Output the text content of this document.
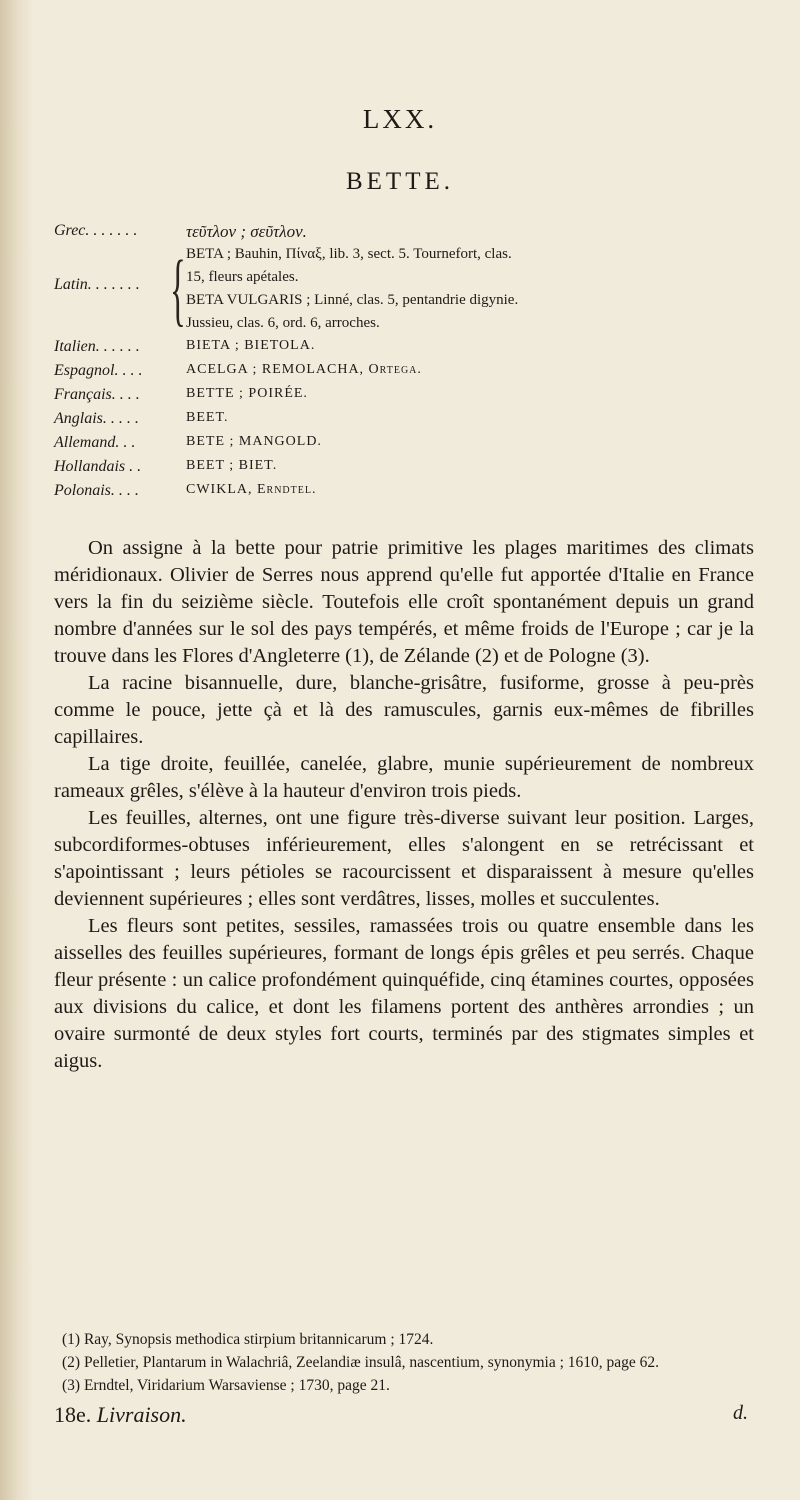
LXX.
BETTE.
Grec. . . . . . .	τεῦτλον ; σεῦτλον.
Latin. . . . . . . { BETA ; Bauhin, Πίναξ, lib. 3, sect. 5. Tournefort, clas.
15, fleurs apétales.
BETA VULGARIS ; Linné, clas. 5, pentandrie digynie.
Jussieu, clas. 6, ord. 6, arroches.
Italien. . . . . .	BIETA ; BIETOLA.
Espagnol. . . .	ACELGA ; REMOLACHA, Ortega.
Français. . . .	BETTE ; POIRÉE.
Anglais. . . . .	BEET.
Allemand. . .	BETE ; MANGOLD.
Hollandais . .	BEET ; BIET.
Polonais. . . .	CWIKLA, Erndtel.

On assigne à la bette pour patrie primitive les plages maritimes des climats méridionaux. Olivier de Serres nous apprend qu'elle fut apportée d'Italie en France vers la fin du seizième siècle. Toutefois elle croît spontanément depuis un grand nombre d'années sur le sol des pays tempérés, et même froids de l'Europe ; car je la trouve dans les Flores d'Angleterre (1), de Zélande (2) et de Pologne (3).

La racine bisannuelle, dure, blanche-grisâtre, fusiforme, grosse à peu-près comme le pouce, jette çà et là des ramuscules, garnis eux-mêmes de fibrilles capillaires.

La tige droite, feuillée, canelée, glabre, munie supérieurement de nombreux rameaux grêles, s'élève à la hauteur d'environ trois pieds.

Les feuilles, alternes, ont une figure très-diverse suivant leur position. Larges, subcordiformes-obtuses inférieurement, elles s'alongent en se retrécissant et s'apointissant ; leurs pétioles se racourcissent et disparaissent à mesure qu'elles deviennent supérieures ; elles sont verdâtres, lisses, molles et succulentes.

Les fleurs sont petites, sessiles, ramassées trois ou quatre ensemble dans les aisselles des feuilles supérieures, formant de longs épis grêles et peu serrés. Chaque fleur présente : un calice profondément quinquéfide, cinq étamines courtes, opposées aux divisions du calice, et dont les filamens portent des anthères arrondies ; un ovaire surmonté de deux styles fort courts, terminés par des stigmates simples et aigus.

(1) Ray, Synopsis methodica stirpium britannicarum ; 1724.

(2) Pelletier, Plantarum in Walachriâ, Zeelandiæ insulâ, nascentium, synonymia ; 1610, page 62.

(3) Erndtel, Viridarium Warsaviense ; 1730, page 21.

18e. Livraison.	d.
